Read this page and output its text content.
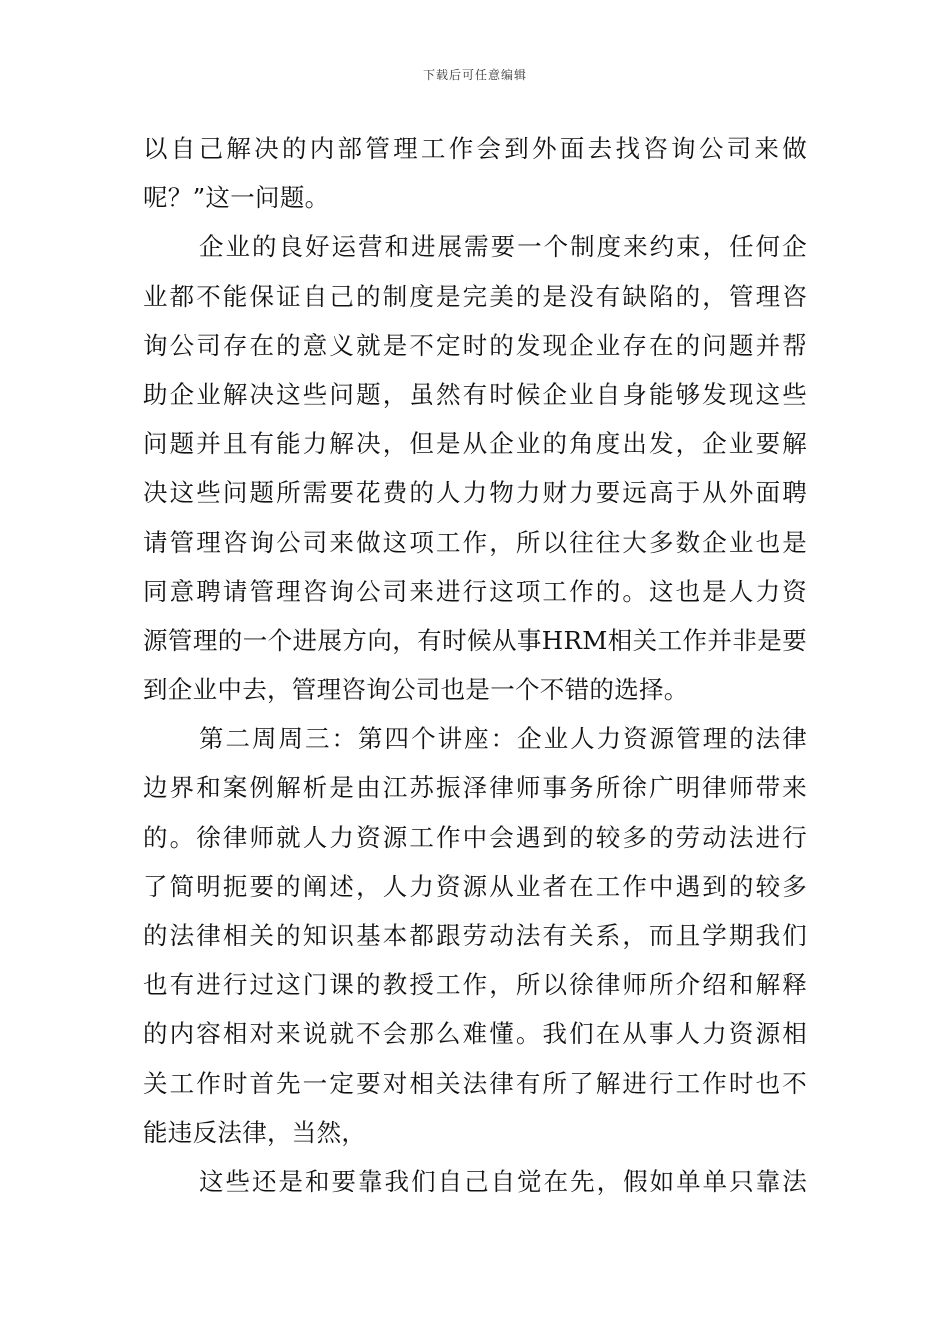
下载后可任意编辑
以自己解决的内部管理工作会到外面去找咨询公司来做
呢？”这一问题。
企业的良好运营和进展需要一个制度来约束，任何企
业都不能保证自己的制度是完美的是没有缺陷的，管理咨
询公司存在的意义就是不定时的发现企业存在的问题并帮
助企业解决这些问题，虽然有时候企业自身能够发现这些
问题并且有能力解决，但是从企业的角度出发，企业要解
决这些问题所需要花费的人力物力财力要远高于从外面聘
请管理咨询公司来做这项工作，所以往往大多数企业也是
同意聘请管理咨询公司来进行这项工作的。这也是人力资
源管理的一个进展方向，有时候从事HRM相关工作并非是要
到企业中去，管理咨询公司也是一个不错的选择。
第二周周三：第四个讲座：企业人力资源管理的法律
边界和案例解析是由江苏振泽律师事务所徐广明律师带来
的。徐律师就人力资源工作中会遇到的较多的劳动法进行
了简明扼要的阐述，人力资源从业者在工作中遇到的较多
的法律相关的知识基本都跟劳动法有关系，而且学期我们
也有进行过这门课的教授工作，所以徐律师所介绍和解释
的内容相对来说就不会那么难懂。我们在从事人力资源相
关工作时首先一定要对相关法律有所了解进行工作时也不
能违反法律，当然，
这些还是和要靠我们自己自觉在先，假如单单只靠法
